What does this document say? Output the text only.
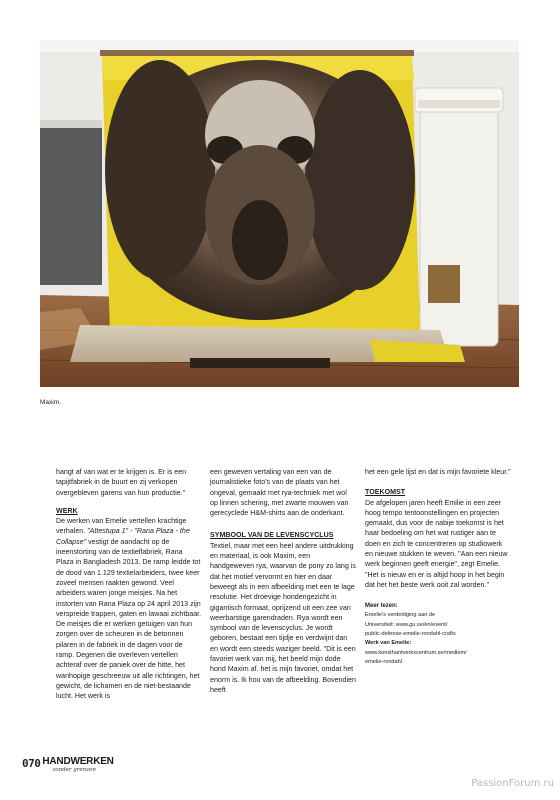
Maxim.

hangt af van wat er te krijgen is. Er is een tapijtfabriek in de buurt en zij verkopen overgebleven garens van hun productie."

WERK

De werken van Emelie vertellen krachtige verhalen. "Attestupa 1" - "Rana Plaza - the Collapse" vestigt de aandacht op de ineenstorting van de textielfabriek, Rana Plaza in Bangladesh 2013. De ramp leidde tot de dood van 1.129 textielarbeiders, twee keer zoveel mensen raakten gewond. Veel arbeiders waren jonge meisjes. Na het instorten van Rana Plaza op 24 april 2013 zijn verspreide trappen, gaten en lawaai zichtbaar. De meisjes die er werken getuigen van hun zorgen over de scheuren in de betonnen pilaren in de fabriek in de dagen voor de ramp. Degenen die overleven vertellen achteraf over de paniek over de hitte, het wanhopige geschreeuw uit alle richtingen, het gewicht, de lichamen en de niet-bestaande lucht. Het werk is

een geweven vertaling van een van de journalistieke foto's van de plaats van het ongeval, gemaakt met rya-techniek met wol op linnen schering, met zwarte mouwen van gerecyclede H&M-shirts aan de onderkant.

SYMBOOL VAN DE LEVENSCYCLUS

Textiel, maar met een heel andere uitdrukking en materiaal, is ook Maxim, een handgeweven rya, waarvan de pony zo lang is dat het motief vervormt en hier en daar beweegt als in een afbeelding met een te lage resolutie. Het droevige hondengezicht in gigantisch formaat, oprijzend uit een zee van weerbarstige garendraden. Rya wordt een symbool van de levenscyclus. Je wordt geboren, bestaat een tijdje en verdwijnt dan en wordt een steeds waziger beeld. "Dit is een favoriet werk van mij, het beeld mijn dode hond Maxim af. het is mijn favoriet, omdat het enorm is. Ik hou van de afbeelding. Bovendien heeft

het een gele lijst en dat is mijn favoriete kleur."

TOEKOMST

De afgelopen jaren heeft Emilie in een zeer hoog tempo tentoonstellingen en projecten gemaakt, dus voor de nabije toekomst is het haar bedoeling om het wat rustiger aan te doen en zich te concentreren op studiowerk en nieuwe stukken te weven. "Aan een nieuw werk beginnen geeft energie", zegt Emelie. "Het is nieuw en er is altijd hoop in het begin dat het het beste werk ooit zal worden."

Meer lezen:

Emelie's verdediging aan de

Universiteit: www.gu.se/en/event/

public-defense-emelie-rondahl-crafts

Werk van Emelie:

www.konsthantverkscentrum.se/medlem/

emelie-rondahl

070 HANDWERKEN
zonder grenzen
PassionForum.ru
